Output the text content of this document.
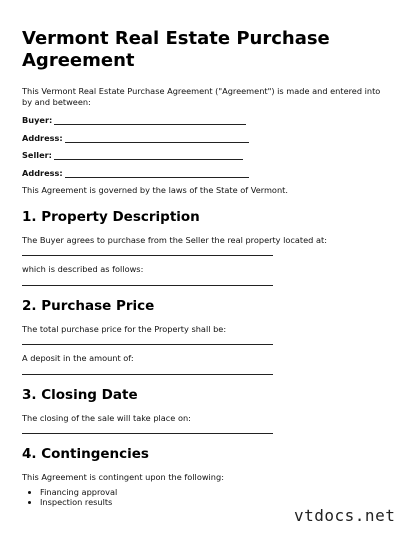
Vermont Real Estate Purchase Agreement

This Vermont Real Estate Purchase Agreement ("Agreement") is made and entered into by and between:

Buyer:
Address:
Seller:
Address:

This Agreement is governed by the laws of the State of Vermont.

1. Property Description

The Buyer agrees to purchase from the Seller the real property located at:

which is described as follows:

2. Purchase Price

The total purchase price for the Property shall be:

A deposit in the amount of:

3. Closing Date

The closing of the sale will take place on:

4. Contingencies

This Agreement is contingent upon the following:

• Financing approval
• Inspection results
vtdocs.net
